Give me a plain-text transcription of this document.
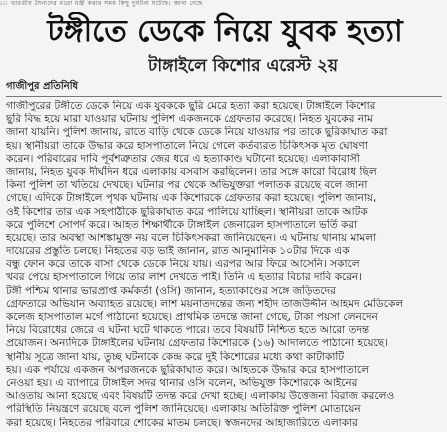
ে ভারতীয় সৈন্যদের মতো মন্ত্রী করার সময় কিছু দুর্ঘটনা ঘটেছে। জানা গেছে
টঙ্গীতে ডেকে নিয়ে যুবক হত্যা
টাঙ্গাইলে কিশোর এরেস্ট ২য়
গাজীপুর প্রতিনিধি
গাজীপুরের টঙ্গীতে ডেকে নিয়ে এক যুবককে ছুরি মেরে হত্যা করা হয়েছে। টাঙ্গাইলে কিশোর
ছুরি বিদ্ধ হয়ে মারা যাওয়ার ঘটনায় পুলিশ একজনকে গ্রেফতার করেছে। নিহত যুবকের নাম
জানা যায়নি। পুলিশ জানায়, রাতে বাড়ি থেকে ডেকে নিয়ে যাওয়ার পর তাকে ছুরিকাঘাত করা
হয়। স্থানীয়রা তাকে উদ্ধার করে হাসপাতালে নিয়ে গেলে কর্তব্যরত চিকিৎসক মৃত ঘোষণা
করেন। পরিবারের দাবি পূর্বশত্রুতার জের ধরে এ হত্যাকাণ্ড ঘটানো হয়েছে। এলাকাবাসী
জানায়, নিহত যুবক দীর্ঘদিন ধরে এলাকায় বসবাস করছিলেন। তার সঙ্গে কারো বিরোধ ছিল
কিনা পুলিশ তা খতিয়ে দেখছে। ঘটনার পর থেকে অভিযুক্তরা পলাতক রয়েছে বলে জানা
গেছে। এদিকে টাঙ্গাইলে পৃথক ঘটনায় এক কিশোরকে গ্রেফতার করা হয়েছে। পুলিশ জানায়,
ওই কিশোর তার এক সহপাঠীকে ছুরিকাঘাত করে পালিয়ে যাচ্ছিল। স্থানীয়রা তাকে আটক
করে পুলিশে সোপর্দ করে। আহত শিক্ষার্থীকে টাঙ্গাইল জেনারেল হাসপাতালে ভর্তি করা
হয়েছে। তার অবস্থা আশঙ্কামুক্ত নয় বলে চিকিৎসকরা জানিয়েছেন। এ ঘটনায় থানায় মামলা
দায়েরের প্রস্তুতি চলছে। নিহতের বড় ভাই জানান, রাত আনুমানিক ১০টার দিকে এক
বন্ধু ফোন করে তাকে বাসা থেকে ডেকে নিয়ে যায়। এরপর আর ফিরে আসেনি। সকালে
খবর পেয়ে হাসপাতালে গিয়ে তার লাশ দেখতে পাই। তিনি এ হত্যার বিচার দাবি করেন।
টঙ্গী পশ্চিম থানার ভারপ্রাপ্ত কর্মকর্তা (ওসি) জানান, হত্যাকাণ্ডের সঙ্গে জড়িতদের
গ্রেফতারে অভিযান অব্যাহত রয়েছে। লাশ ময়নাতদন্তের জন্য শহীদ তাজউদ্দীন আহমদ মেডিকেল
কলেজ হাসপাতাল মর্গে পাঠানো হয়েছে। প্রাথমিক তদন্তে জানা গেছে, টাকা পয়সা লেনদেন
নিয়ে বিরোধের জেরে এ ঘটনা ঘটে থাকতে পারে। তবে বিষয়টি নিশ্চিত হতে আরো তদন্ত
প্রয়োজন। অন্যদিকে টাঙ্গাইলের ঘটনায় গ্রেফতার কিশোরকে (১৬) আদালতে পাঠানো হয়েছে।
স্থানীয় সূত্রে জানা যায়, তুচ্ছ ঘটনাকে কেন্দ্র করে দুই কিশোরের মধ্যে কথা কাটাকাটি
হয়। এক পর্যায়ে একজন অপরজনকে ছুরিকাঘাত করে। আহতকে উদ্ধার করে হাসপাতালে
নেওয়া হয়। এ ব্যাপারে টাঙ্গাইল সদর থানার ওসি বলেন, অভিযুক্ত কিশোরকে আইনের
আওতায় আনা হয়েছে এবং বিষয়টি তদন্ত করে দেখা হচ্ছে। এলাকায় উত্তেজনা বিরাজ করলেও
পরিস্থিতি নিয়ন্ত্রণে রয়েছে বলে পুলিশ জানিয়েছে। এলাকায় অতিরিক্ত পুলিশ মোতায়েন
করা হয়েছে। নিহতের পরিবারে শোকের মাতম চলছে। স্বজনদের আহাজারিতে এলাকার
